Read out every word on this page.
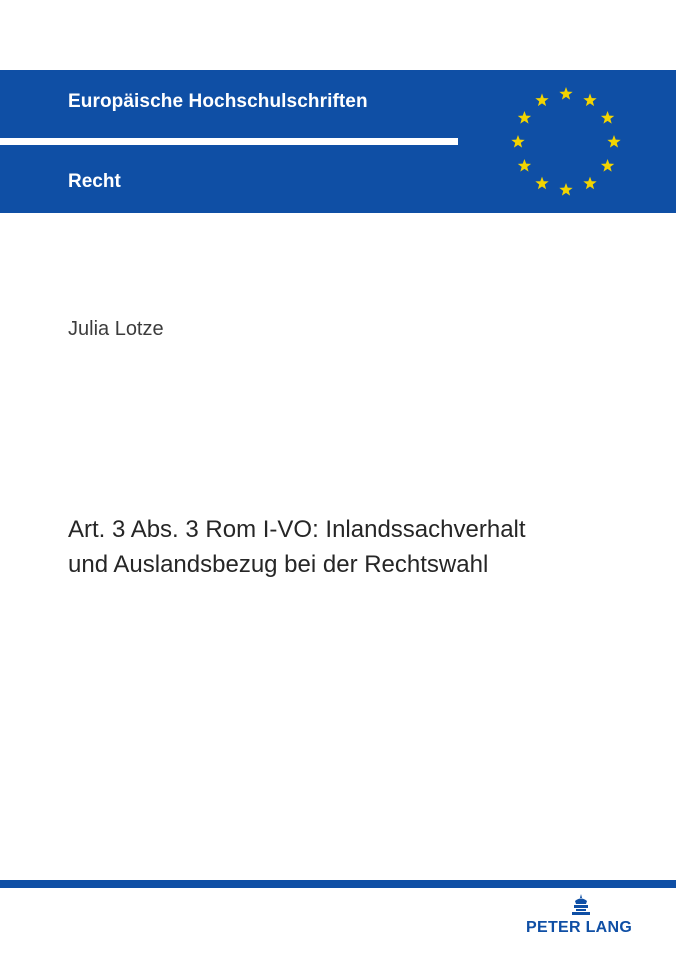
Europäische Hochschulschriften
Recht
Julia Lotze
Art. 3 Abs. 3 Rom I-VO: Inlandssachverhalt
und Auslandsbezug bei der Rechtswahl
PETER LANG
